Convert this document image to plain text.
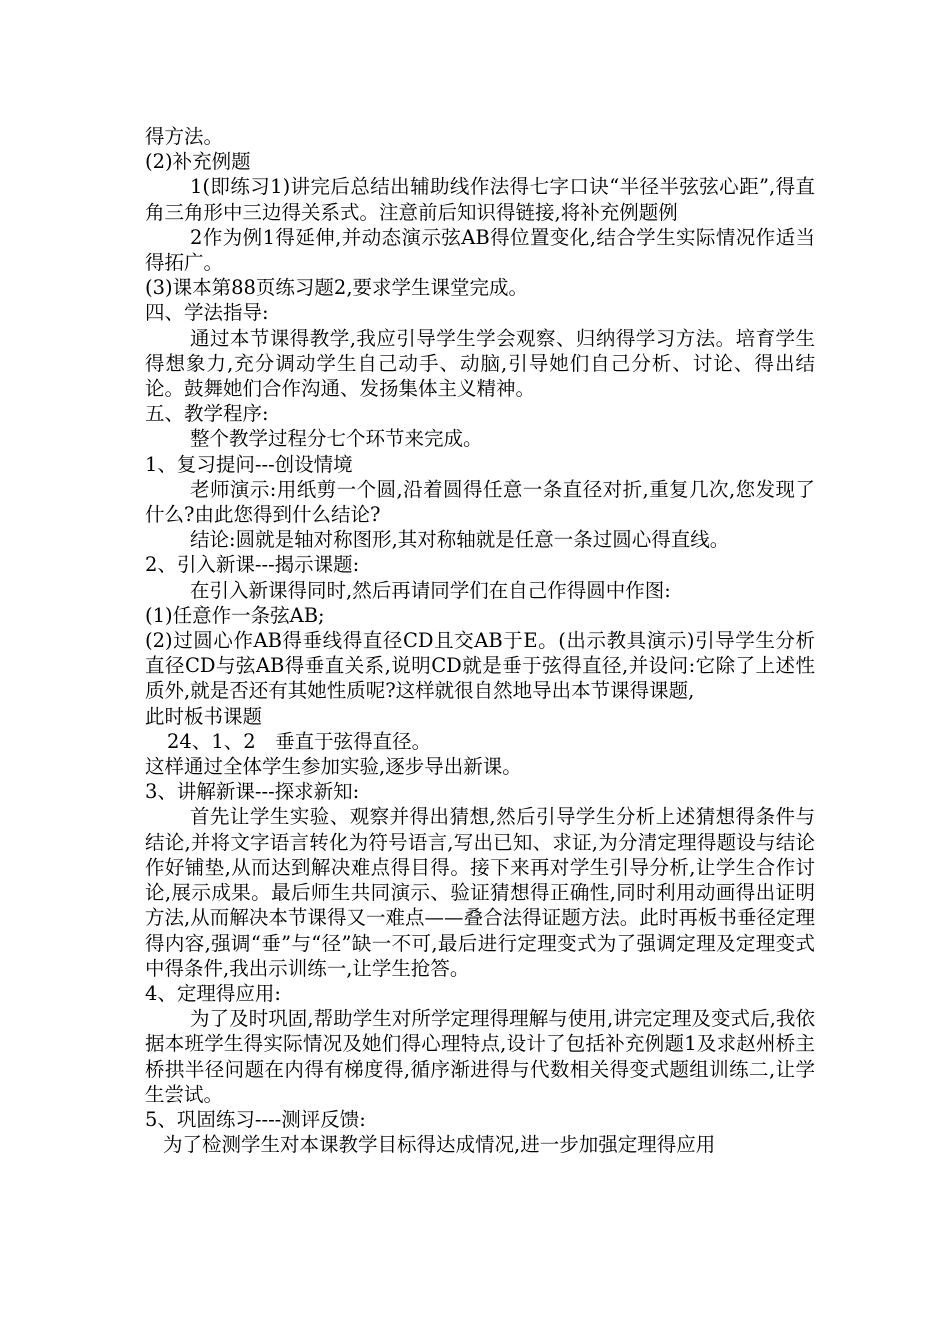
得方法。

(2)补充例题

1(即练习1)讲完后总结出辅助线作法得七字口诀“半径半弦弦心距”,得直角三角形中三边得关系式。注意前后知识得链接,将补充例题例

2作为例1得延伸,并动态演示弦AB得位置变化,结合学生实际情况作适当得拓广。

(3)课本第88页练习题2,要求学生课堂完成。

四、学法指导:

通过本节课得教学,我应引导学生学会观察、归纳得学习方法。培育学生得想象力,充分调动学生自己动手、动脑,引导她们自己分析、讨论、得出结论。鼓舞她们合作沟通、发扬集体主义精神。

五、教学程序:

整个教学过程分七个环节来完成。

1、复习提问---创设情境

老师演示:用纸剪一个圆,沿着圆得任意一条直径对折,重复几次,您发现了什么?由此您得到什么结论?

结论:圆就是轴对称图形,其对称轴就是任意一条过圆心得直线。

2、引入新课---揭示课题:

在引入新课得同时,然后再请同学们在自己作得圆中作图:

(1)任意作一条弦AB;

(2)过圆心作AB得垂线得直径CD且交AB于E。(出示教具演示)引导学生分析直径CD与弦AB得垂直关系,说明CD就是垂于弦得直径,并设问:它除了上述性质外,就是否还有其她性质呢?这样就很自然地导出本节课得课题,

此时板书课题

24、1、2　垂直于弦得直径。

这样通过全体学生参加实验,逐步导出新课。

3、讲解新课---探求新知:

首先让学生实验、观察并得出猜想,然后引导学生分析上述猜想得条件与结论,并将文字语言转化为符号语言,写出已知、求证,为分清定理得题设与结论作好铺垫,从而达到解决难点得目得。接下来再对学生引导分析,让学生合作讨论,展示成果。最后师生共同演示、验证猜想得正确性,同时利用动画得出证明方法,从而解决本节课得又一难点——叠合法得证题方法。此时再板书垂径定理得内容,强调“垂”与“径”缺一不可,最后进行定理变式为了强调定理及定理变式中得条件,我出示训练一,让学生抢答。

4、定理得应用:

为了及时巩固,帮助学生对所学定理得理解与使用,讲完定理及变式后,我依据本班学生得实际情况及她们得心理特点,设计了包括补充例题1及求赵州桥主桥拱半径问题在内得有梯度得,循序渐进得与代数相关得变式题组训练二,让学生尝试。

5、巩固练习----测评反馈:

为了检测学生对本课教学目标得达成情况,进一步加强定理得应用
